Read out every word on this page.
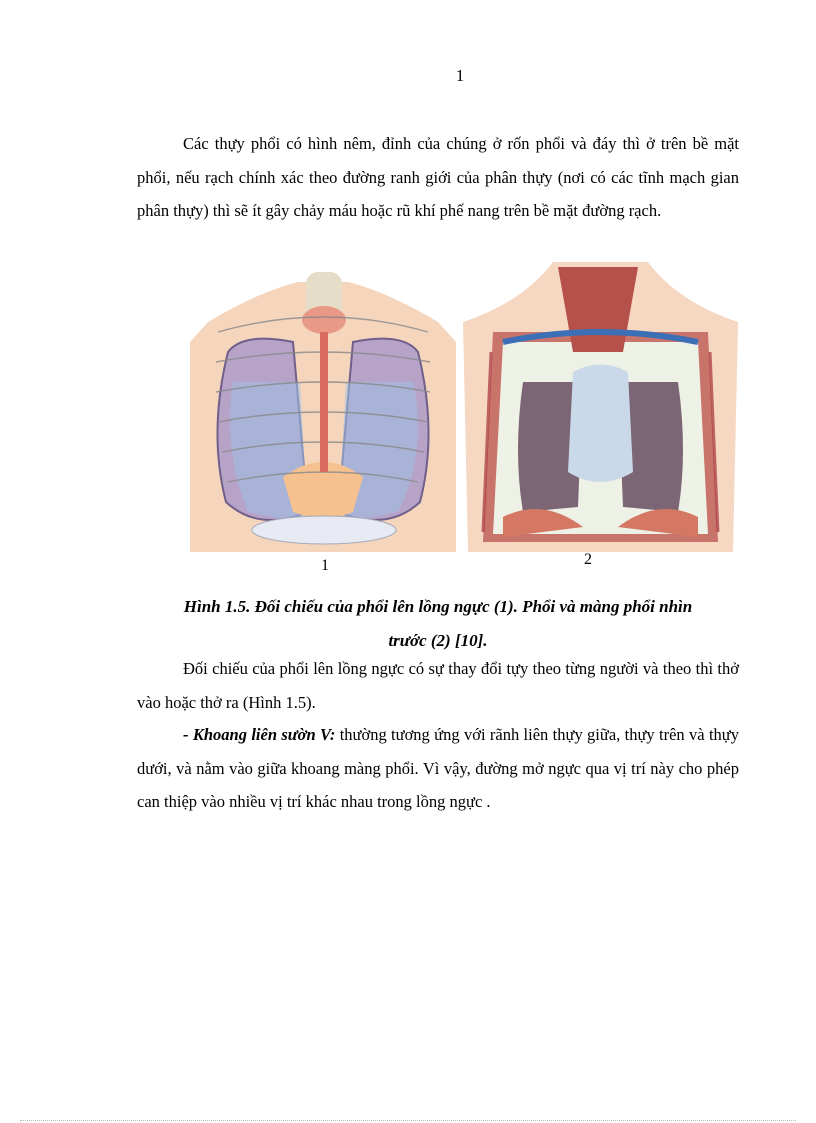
1

Các thựy phổi có hình nêm, đỉnh của chúng ở rốn phổi và đáy thì ở trên bề mặt phổi, nếu rạch chính xác theo đường ranh giới của phân thựy (nơi có các tĩnh mạch gian phân thựy) thì sẽ ít gây chảy máu hoặc rũ khí phế nang trên bề mặt đường rạch.

1	2

Hình 1.5. Đối chiếu của phổi lên lồng ngực (1). Phổi và màng phổi nhìn
trước (2) [10].

Đối chiếu của phổi lên lồng ngực có sự thay đổi tựy theo từng người và theo thì thở vào hoặc thở ra (Hình 1.5).

- Khoang liên sườn V: thường tương ứng với rãnh liên thựy giữa, thựy trên và thựy dưới, và nằm vào giữa khoang màng phổi. Vì vậy, đường mở ngực qua vị trí này cho phép can thiệp vào nhiều vị trí khác nhau trong lồng ngực .
